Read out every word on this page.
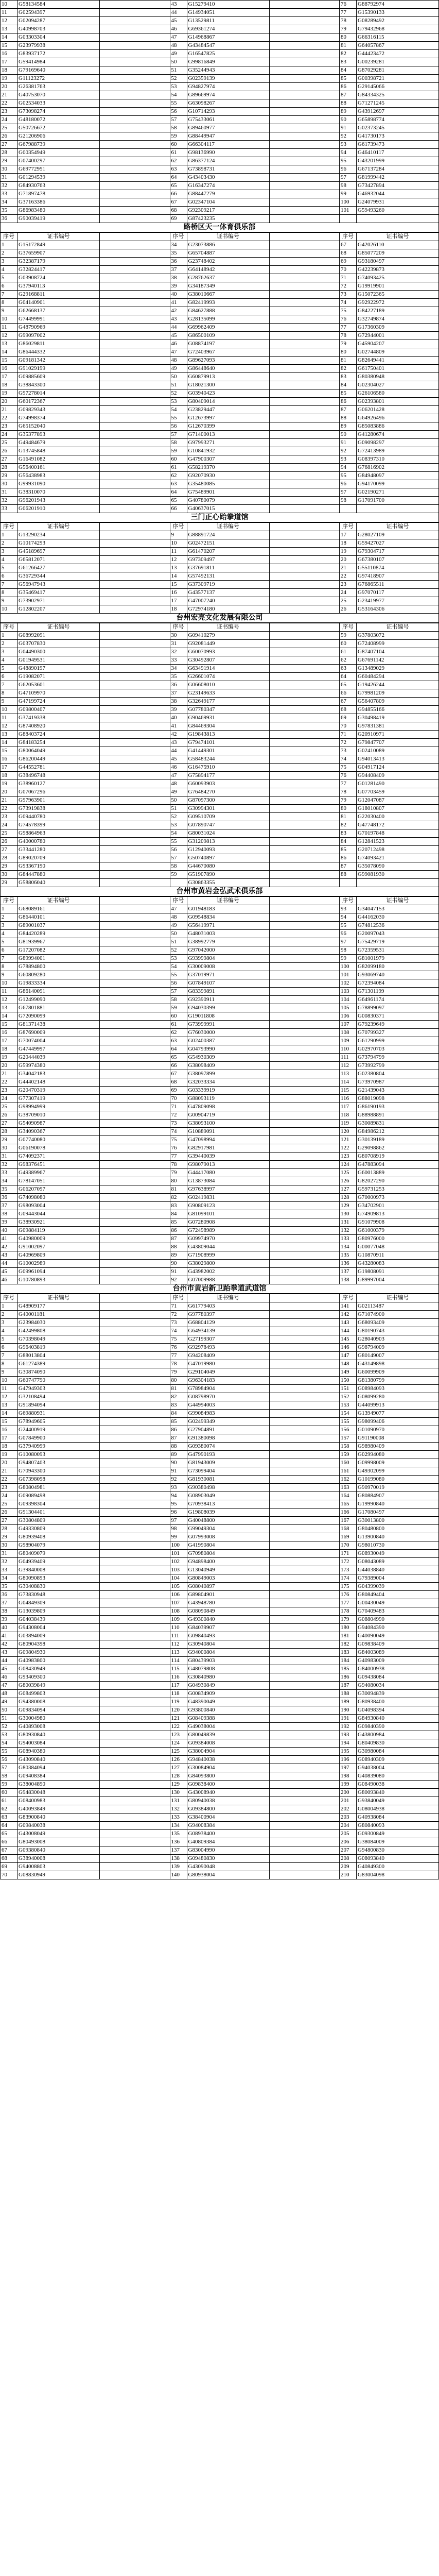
10	G58134584		43	G15279410		76	G88792974
11	G02594397		44	G14934051		77	G15390133
12	G02094287		45	G13529811		78	G08289492
13	G40998703		46	G69361274		79	G79432968
14	G03303304		47	G14968867		80	G66316115
15	G23979938		48	G43484547		81	G64057867
16	G83937172		49	G16547825		82	G44423472
17	G59414984		50	G99816849		83	G00239281
18	G79169640		51	G35244943		84	G87029281
19	G11123272		52	G02359139		85	G00398721
20	G26381763		53	G94827974		86	G29145066
21	G40753070		54	G89669974		87	G84334325
22	G02534033		55	G63098267		88	G71271245
23	G73098274		56	G10714293		89	G43912697
24	G48180072		57	G75433061		90	G65898774
25	G50726672		58	G89460977		91	G02373245
26	G21206906		59	G88449947		92	G41730173
27	G67988739		60	G66304117		93	G61739473
28	G00354949		61	G98136990		94	G46410117
29	G07400297		62	G86377124		95	G43201999
30	G69772951		63	G73898731		96	G67137284
31	G01294539		64	G43403430		97	G81999442
32	G84930763		65	G16347274		98	G73427894
33	G71897478		66	G88447279		99	G46932044
34	G37163386		67	G02347104		100	G24079931
35	G86983480		68	G92309217		101	G59493260
36	G90039419		69	G87423235			
路桥区天一体育俱乐部
序号	证书编号		序号	证书编号		序号	证书编号
1	G15172849		34	G23073886		67	G42026110
2	G37659907		35	G65704887		68	G85077209
3	G32387179		36	G23748402		69	G93180497
4	G32824417		37	G64148942		70	G42239873
5	G03908724		38	G28762637		71	G74093425
6	G37940113		39	G34187349		72	G19919901
7	G29168811		40	G38010667		73	G15072365
8	G04140901		41	G82419993		74	G92922972
9	G62668137		42	G84627888		75	G84227189
10	G74499991		43	G28135099		76	G32749874
11	G48790969		44	G69962409		77	G17360309
12	G99097002		45	G86500109		78	G72944001
13	G86029811		46	G08874197		79	G45904207
14	G86444332		47	G72403967		80	G02744809
15	G09181342		48	G89627093		81	G82649441
16	G91029199		49	G86448640		82	G61750401
17	G09885609		50	G60879913		83	G80380948
18	G38843300		51	G18021300		84	G02304027
19	G97278014		52	G03940423		85	G26106580
20	G60172367		53	G80409014		86	G02393801
21	G09829343		54	G23829447		87	G06201428
22	G74998374		55	G12673997		88	G64926496
23	G65152040		56	G12670399		89	G85083886
24	G35377893		57	G71400013		90	G41280674
25	G49484679		58	G97993271		91	G09098297
26	G13745848		59	G10841932		92	G72413989
27	G16491082		60	G47900307		93	G08397310
28	G56400161		61	G58219370		94	G76816902
29	G56438983		62	G92070930		95	G84948097
30	G99931090		63	G35480085		96	G94170099
31	G38310070		64	G75489901		97	G02190271
32	G96201943		65	G40780079		98	G17091700
33	G06201910		66	G40637015			
三门正心跆拳道馆
序号	证书编号		序号	证书编号		序号	证书编号
1	G13290234		9	G88891724		17	G28027109
2	G10174293		10	G02472151		18	G59427027
3	G45189697		11	G61470207		19	G79304717
4	G65812071		12	G97309497		20	G67380107
5	G61266427		13	G37691811		21	G55110874
6	G36729344		14	G57492131		22	G97418907
7	G56947943		15	G37309719		23	G76865511
8	G35469417		16	G43577137		24	G97070117
9	G73902971		17	G47007240		25	G23419977
10	G12802207		18	G72974180		26	G53164306
台州宏亮文化发展有限公司
序号	证书编号		序号	证书编号		序号	证书编号
1	G08992091		30	G09410279		59	G37803072
2	G03707830		31	G92081449		60	G72408999
3	G04490300		32	G60070993		61	G87407104
4	G01949531		33	G30492807		62	G67691142
5	G48890197		34	G63491914		63	G13489029
6	G19082071		35	G26601074		64	G60484294
7	G62053601		36	G06608010		65	G19426244
8	G47109970		37	G23149633		66	G79981209
9	G47199724		38	G32649177		67	G56407809
10	G09800407		39	G07780347		68	G94855166
11	G37419338		40	G90469931		69	G30498419
12	G87408920		41	G84469304		70	G97831381
13	G88403724		42	G19843813		71	G20910971
14	G84183254		43	G79474101		72	G79847707
15	G80064049		44	G41449301		73	G02410089
16	G86200449		45	G58483244		74	G94013413
17	G44552781		46	G16475910		75	G04917124
18	G38496748		47	G75894177		76	G94408409
19	G38960127		48	G60093903		77	G01281490
20	G07067296		49	G76484270		78	G07703459
21	G97963901		50	G87097300		79	G12047087
22	G73919838		51	G30994301		80	G18010807
23	G09440780		52	G09510709		81	G22030400
24	G74578399		53	G07890747		82	G47748172
25	G98864963		54	G80031024		83	G70197848
26	G40000780		55	G31209813		84	G12841523
27	G33441280		56	G12940093		85	G20712498
28	G89020709		57	G50740897		86	G74093421
29	G93367190		58	G44670080		87	G35078090
30	G84447880		59	G51907890		88	G99081930
29	G58806040			G30863355			
台州市黄岩金弘武术俱乐部
序号	证书编号		序号	证书编号		序号	证书编号
1	G68089161		47	G01948183		93	G34047153
2	G86440101		48	G09548834		94	G44162030
3	G89001037		49	G56419971		95	G74812536
4	G84420289		50	G48031003		96	G20097043
5	G81939967		51	G38992779		97	G75429719
6	G17207082		52	G97042000		98	G72359531
7	G89994001		53	G93999804		99	G81001979
8	G78894800		54	G30009008		100	G82099180
9	G60809280		55	G37019971		101	G93069740
10	G19833334		56	G07849107		102	G72394084
11	G86140091		57	G83399891		103	G71301199
12	G12499090		58	G92390911		104	G64961174
13	G67801881		59	G94030399		105	G78899097
14	G72090099		60	G19011808		106	G00830371
15	G81371438		61	G73999991		107	G79239649
16	G87690009		62	G76030000		108	G70799327
17	G70074004		63	G02400387		109	G61290999
18	G47449997		64	G04793990		110	G02970703
19	G20444039		65	G54930309		111	G73794799
20	G59974380		66	G38098409		112	G73992799
21	G34042183		67	G38097899		113	G02380804
22	G44402148		68	G32033334		114	G73970987
23	G20470319		69	G03339919		115	G21439043
24	G77307419		70	G88093119		116	G88019098
25	G98994999		71	G47809098		117	G86190193
26	G38709010		72	G00904719		118	G88988891
27	G54090987		73	G38093100		119	G30089831
28	G34090367		74	G10889091		120	G84986212
29	G07740080		75	G47098994		121	G30139189
30	G06190078		76	G82917981		122	G29098862
31	G74092371		77	G39440039		123	G80708919
32	G98376451		78	G98079013		124	G47883094
33	G49389967		79	G44417080		125	G60013889
34	G78147051		80	G13873084		126	G82027290
35	G06207097		81	G97638997		127	G59731253
36	G74098080		82	G02419831		128	G70000973
37	G98093004		83	G90809123		129	G34702901
38	G09443044		84	G81099101		130	G74909813
39	G38930921		85	G07280908		131	G91079908
40	G09884119		86	G72498989		132	G61000379
41	G40980009		87	G09974970		133	G80976000
42	G91002097		88	G43809044		134	G00077048
43	G40969809		89	G71908999		135	G10870911
44	G10002989		90	G38029800		136	G43280083
45	G09961094		91	G43982002		137	G19808091
46	G10780893		92	G07009988		138	G89997004
台州市黄岩新卫跆拳道武道馆
序号	证书编号		序号	证书编号		序号	证书编号
1	G48909177		71	G61779403		141	G02113487
2	G40001181		72	G97780397		142	G71074900
3	G23984030		73	G68804129		143	G68093409
4	G42499808		74	G64934139		144	G80190743
5	G70398049		75	G27199307		145	G28040903
6	G96403819		76	G92978493		146	G98794009
7	G88013804		77	G94208409		147	G80149007
8	G61274389		78	G47019980		148	G43149898
9	G30874090		79	G29104049		149	G60099909
10	G60747790		80	G96304183		150	G81380799
11	G47949303		81	G78984904		151	G08984093
12	G32108494		82	G08798970		152	G08099280
13	G91894094		83	G44994003		153	G44099913
14	G69880931		84	G99084983		154	G13949077
15	G78949605		85	G02499349		155	G98099406
16	G24400919		86	G27904891		156	G01090970
17	G07849900		87	G91380098		157	G91190008
18	G37940999		88	G09380074		158	G98980409
19	G10080093		89	G47990193		159	G02994080
20	G94807403		90	G81943009		160	G09998009
21	G70943300		91	G73099404		161	G49302099
22	G07398098		92	G81930081		162	G10199080
23	G80804981		93	G90380498		163	G90970019
24	G09089498		94	G08903049		164	G80884907
25	G09398304		95	G70938413		165	G19990840
26	G91304401		96	G19808039		166	G17080497
27	G30804809		97	G40048800		167	G30013800
28	G49330809		98	G99049304		168	G80480800
29	G80939408		99	G07993008		169	G13900840
30	G98904079		100	G41990804		170	G98010730
31	G80409079		101	G70980804		171	G08930049
32	G04939409		102	G94898400		172	G08043089
33	G39840008		103	G13040949		173	G44038840
34	G80090893		104	G80849003		174	G79389004
35	G30408830		105	G08040897		175	G04399039
36	G73830948		106	G89804901		176	G80849404
37	G04849309		107	G43948780		177	G00430049
38	G13039809		108	G08090849		178	G70409483
39	G04038439		109	G49300840		179	G08804990
40	G94308004		110	G84039907		180	G94084390
41	G03894009		111	G09840493		181	G40090049
42	G80904398		112	G30940804		182	G09838409
43	G09804930		113	G94000804		183	G84003089
44	G40983800		114	G80439903		184	G40983009
45	G08430949		115	G48079808		185	G84000938
46	G93409300		116	G30840980		186	G09438084
47	G80039849		117	G04930849		187	G94080034
48	G08499803		118	G00834909		188	G30094839
49	G94380008		119	G48390049		189	G80938400
50	G09834094		120	G93800840		190	G04098394
51	G30004980		121	G08409388		191	G84930840
52	G40893008		122	G49038004		192	G09840390
53	G80930840		123	G80049839		193	G43800984
54	G94003084		124	G09384008		194	G80409830
55	G08940380		125	G38004904		195	G30980084
56	G43090840		126	G94840038		196	G08940309
57	G80384094		127	G30084904		197	G94038004
58	G09408384		128	G84093800		198	G40839080
59	G38004890		129	G09838400		199	G08490038
60	G94830048		130	G43008940		200	G80093840
61	G08400983		131	G80940038		201	G93840049
62	G40093849		132	G09384800		202	G08004938
63	G83900840		133	G38400904		203	G40938084
64	G09840038		134	G94008384		204	G80840093
65	G43008049		135	G08938400		205	G09300849
66	G80493008		136	G40809384		206	G38084009
67	G09380840		137	G83004990		207	G94800830
68	G38940008		138	G09480830		208	G08093840
69	G94008803		139	G43090048		209	G40849300
70	G08830949		140	G80938004		210	G83004098
